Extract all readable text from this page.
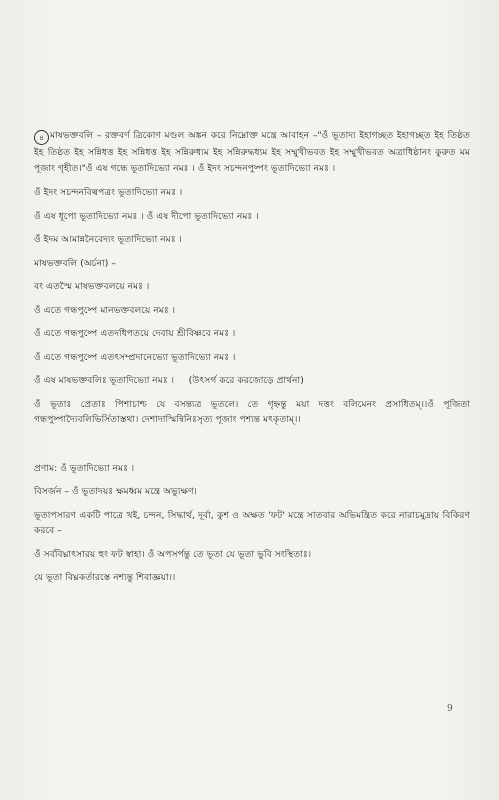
৪ মাষভক্তবলি – রক্তবর্ণ ত্রিকোণ মণ্ডল অঙ্কন করে নিম্নোক্ত মন্ত্রে আবাহন –"ওঁ ভূতাদ্য ইহাগচ্ছত ইহাগচ্ছত ইহ তিষ্ঠত ইহ তিষ্ঠত ইহ সন্নিধত্ত ইহ সন্নিধত্ত ইহ সন্নিরুধ্যম ইহ সন্নিরুদ্ধধ্যম ইহ সম্মুখীভবত ইহ সম্মুখীভবত অত্রাধিষ্ঠানং কুরুত মম পূজাং গৃহীত।"ওঁ এষ গন্ধে ভূতাদিভ্যো নমঃ । ওঁ ইদং সচন্দনপুষ্পং ভূতাদিভ্যো নমঃ ।

ওঁ ইদং সচন্দনবিল্বপত্রং ভূতাদিভ্যো নমঃ ।

ওঁ এষ ধূপো ভূতাদিভ্যো নমঃ । ওঁ এষ দীপো ভূতাদিভ্যো নমঃ ।

ওঁ ইদম আমান্ননৈবেদ্যং ভূতাদিভ্যো নমঃ ।

মাষভক্তবলি (অর্চনা) –

বং এতস্মৈ মাষভক্তবলয়ে নমঃ ।

ওঁ এতে গন্ধপুষ্পে মানভক্তবলয়ে নমঃ ।

ওঁ এতে গন্ধপুষ্পে এতদধিপতয়ে দেবায় শ্রীবিষ্ণবে নমঃ ।

ওঁ এতে গন্ধপুষ্পে এতৎসম্প্রদানেভ্যো ভূতাদিভ্যো নমঃ ।

ওঁ এষ মাষভক্তবলিঃ ভূতাদিভ্যো নমঃ ।     (উৎসর্গ করে করজোড়ে প্রার্থনা)

ওঁ ভূতাঃ প্রেতাঃ পিশাচাশ্চ যে বসন্ত্যত্র ভূতলে। তে গৃহ্নন্তু ময়া দত্তং বলিমেনং প্রসাধিতম্।।ওঁ পূজিতা গন্ধপুষ্পাদ্যৈবলিভির্সিতাস্তথা। দেশাদাস্মিন্বিনিঃসৃত্য পূজাং পশ্যন্ত মৎকৃতাম্।।

প্রণাম: ওঁ ভূতাদিভ্যো নমঃ ।

বিসর্জন – ওঁ ভূতাদয়ঃ ক্ষমধ্বম মন্ত্রে অভ্যুক্ষণ।

ভূতাপসারণ একটি পাত্রে খই, চন্দন, সিদ্ধার্থ, দূর্বা, কুশ ও অক্ষত 'ফট' মন্ত্রে সাতবার অভিমন্ত্রিত করে নারাচমুদ্রায় বিকিরণ করবে –

ওঁ সর্ববিঘ্নাৎসারয় হুং ফট স্বাহা। ওঁ অপসর্পন্তু তে ভূতা যে ভূতা ভুবি সংস্থিতাঃ।

যে ভূতা বিঘ্নকর্তারস্তে নশ্যন্তু শিবাজ্ঞয়া।।

9
